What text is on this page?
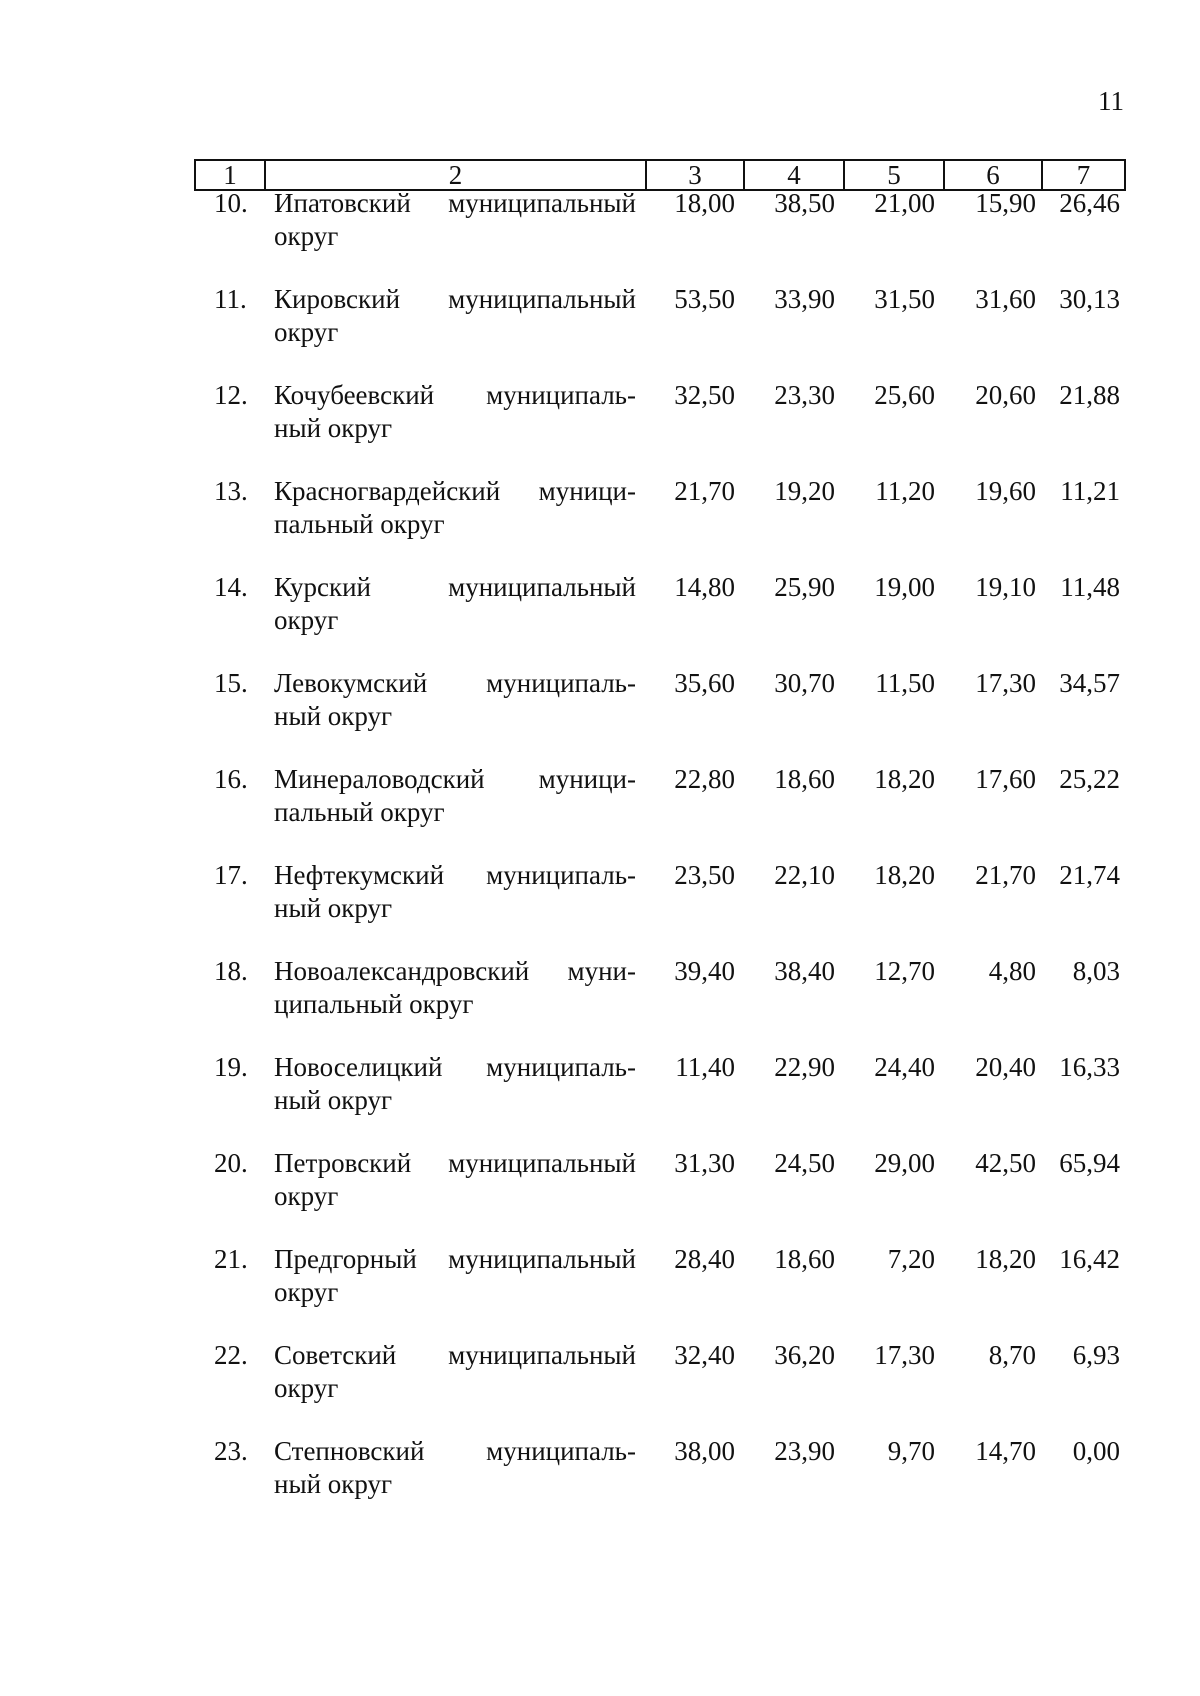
11
1	2	3	4	5	6	7
10. Ипатовский муниципальный
округ
18,00	38,50	21,00	15,90 26,46
11.	Кировский муниципальный
округ
53,50	33,90	31,50	31,60 30,13
12. Кочубеевский муниципаль-
ный округ
32,50	23,30	25,60	20,60 21,88
13. Красногвардейский муници-
пальный округ
21,70	19,20	11,20	19,60 11,21
14. Курский муниципальный
округ
14,80	25,90	19,00	19,10 11,48
15. Левокумский муниципаль-
ный округ
35,60	30,70	11,50	17,30 34,57
16. Минераловодский муници-
пальный округ
22,80	18,60	18,20	17,60 25,22
17. Нефтекумский муниципаль-
ный округ
23,50	22,10	18,20	21,70 21,74
18. Новоалександровский муни-
ципальный округ
39,40	38,40	12,70	4,80	8,03
19. Новоселицкий муниципаль-
ный округ
11,40	22,90	24,40	20,40 16,33
20. Петровский муниципальный
округ
31,30	24,50	29,00	42,50 65,94
21. Предгорный муниципальный
округ
28,40	18,60	7,20	18,20 16,42
22. Советский муниципальный
округ
32,40	36,20	17,30	8,70	6,93
23. Степновский муниципаль-
ный округ
38,00	23,90	9,70	14,70	0,00
